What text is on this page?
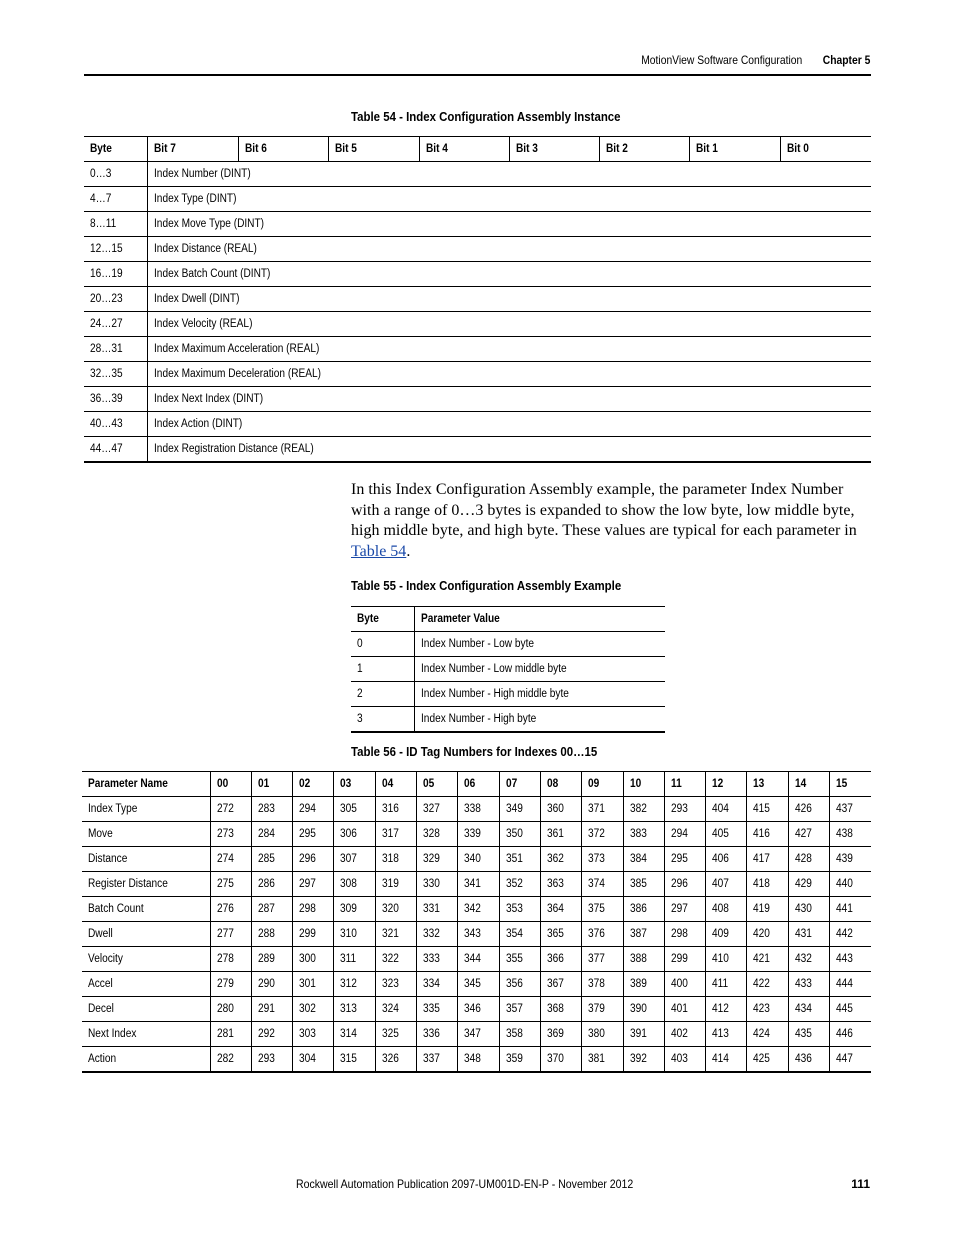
MotionView Software Configuration Chapter 5
Table 54 - Index Configuration Assembly Instance
Byte	Bit 7	Bit 6	Bit 5	Bit 4	Bit 3	Bit 2	Bit 1	Bit 0
0…3	Index Number (DINT)							
4…7	Index Type (DINT)							
8…11	Index Move Type (DINT)							
12…15	Index Distance (REAL)							
16…19	Index Batch Count (DINT)							
20…23	Index Dwell (DINT)							
24…27	Index Velocity (REAL)							
28…31	Index Maximum Acceleration (REAL)							
32…35	Index Maximum Deceleration (REAL)							
36…39	Index Next Index (DINT)							
40…43	Index Action (DINT)							
44…47	Index Registration Distance (REAL)							
In this Index Configuration Assembly example, the parameter Index Number with a range of 0…3 bytes is expanded to show the low byte, low middle byte, high middle byte, and high byte. These values are typical for each parameter in Table 54.
Table 55 - Index Configuration Assembly Example
Byte	Parameter Value
0	Index Number - Low byte
1	Index Number - Low middle byte
2	Index Number - High middle byte
3	Index Number - High byte
Table 56 - ID Tag Numbers for Indexes 00…15
Parameter Name	00	01	02	03	04	05	06	07	08	09	10	11	12	13	14	15
Index Type	272	283	294	305	316	327	338	349	360	371	382	293	404	415	426	437
Move	273	284	295	306	317	328	339	350	361	372	383	294	405	416	427	438
Distance	274	285	296	307	318	329	340	351	362	373	384	295	406	417	428	439
Register Distance	275	286	297	308	319	330	341	352	363	374	385	296	407	418	429	440
Batch Count	276	287	298	309	320	331	342	353	364	375	386	297	408	419	430	441
Dwell	277	288	299	310	321	332	343	354	365	376	387	298	409	420	431	442
Velocity	278	289	300	311	322	333	344	355	366	377	388	299	410	421	432	443
Accel	279	290	301	312	323	334	345	356	367	378	389	400	411	422	433	444
Decel	280	291	302	313	324	335	346	357	368	379	390	401	412	423	434	445
Next Index	281	292	303	314	325	336	347	358	369	380	391	402	413	424	435	446
Action	282	293	304	315	326	337	348	359	370	381	392	403	414	425	436	447
Rockwell Automation Publication 2097-UM001D-EN-P - November 2012	111
